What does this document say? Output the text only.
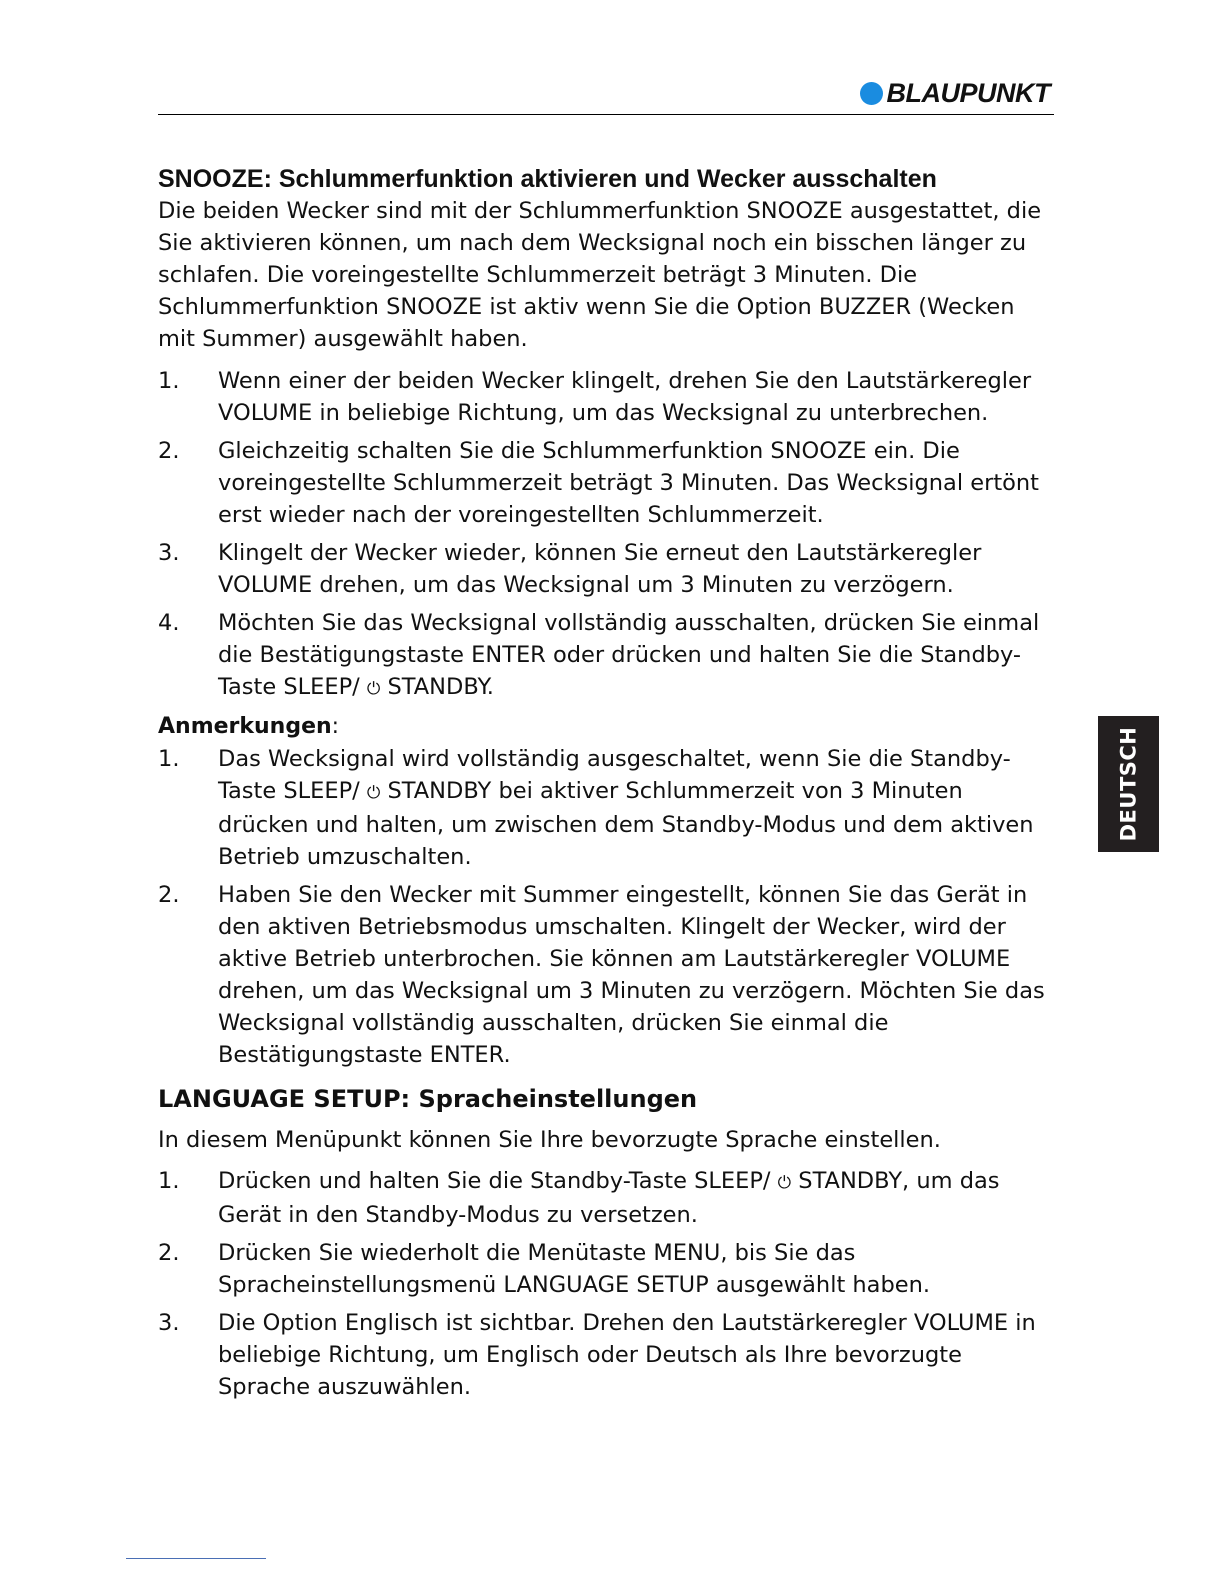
BLAUPUNKT
SNOOZE: Schlummerfunktion aktivieren und Wecker ausschalten

Die beiden Wecker sind mit der Schlummerfunktion SNOOZE ausgestattet, die Sie aktivieren können, um nach dem Wecksignal noch ein bisschen länger zu schlafen. Die voreingestellte Schlummerzeit beträgt 3 Minuten. Die Schlummerfunktion SNOOZE ist aktiv wenn Sie die Option BUZZER (Wecken mit Summer) ausgewählt haben.

1.	Wenn einer der beiden Wecker klingelt, drehen Sie den Lautstärkeregler VOLUME in beliebige Richtung, um das Wecksignal zu unterbrechen.
2.	Gleichzeitig schalten Sie die Schlummerfunktion SNOOZE ein. Die voreingestellte Schlummerzeit beträgt 3 Minuten. Das Wecksignal ertönt erst wieder nach der voreingestellten Schlummerzeit.
3.	Klingelt der Wecker wieder, können Sie erneut den Lautstärkeregler VOLUME drehen, um das Wecksignal um 3 Minuten zu verzögern.
4.	Möchten Sie das Wecksignal vollständig ausschalten, drücken Sie einmal die Bestätigungstaste ENTER oder drücken und halten Sie die Standby-Taste SLEEP/ ⏻ STANDBY.

Anmerkungen:

1.	Das Wecksignal wird vollständig ausgeschaltet, wenn Sie die Standby-Taste SLEEP/ ⏻ STANDBY bei aktiver Schlummerzeit von 3 Minuten drücken und halten, um zwischen dem Standby-Modus und dem aktiven Betrieb umzuschalten.
2.	Haben Sie den Wecker mit Summer eingestellt, können Sie das Gerät in den aktiven Betriebsmodus umschalten. Klingelt der Wecker, wird der aktive Betrieb unterbrochen. Sie können am Lautstärkeregler VOLUME drehen, um das Wecksignal um 3 Minuten zu verzögern. Möchten Sie das Wecksignal vollständig ausschalten, drücken Sie einmal die Bestätigungstaste ENTER.
LANGUAGE SETUP: Spracheinstellungen

In diesem Menüpunkt können Sie Ihre bevorzugte Sprache einstellen.

1.	Drücken und halten Sie die Standby-Taste SLEEP/ ⏻ STANDBY, um das Gerät in den Standby-Modus zu versetzen.
2.	Drücken Sie wiederholt die Menütaste MENU, bis Sie das Spracheinstellungsmenü LANGUAGE SETUP ausgewählt haben.
3.	Die Option Englisch ist sichtbar. Drehen den Lautstärkeregler VOLUME in beliebige Richtung, um Englisch oder Deutsch als Ihre bevorzugte Sprache auszuwählen.
DEUTSCH
